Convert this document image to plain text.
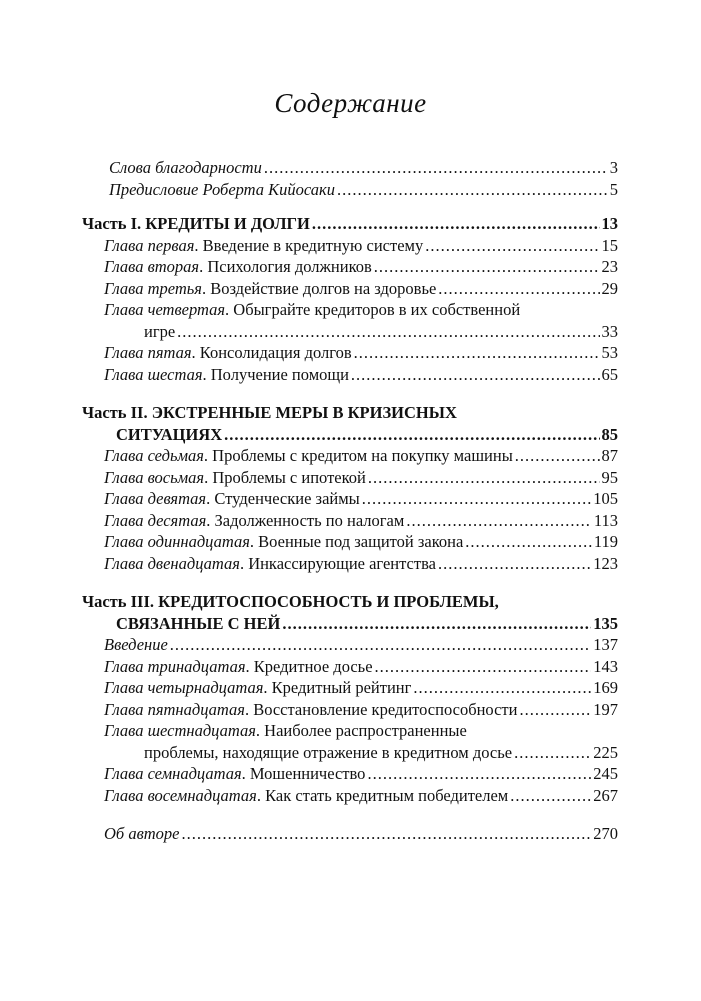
Содержание
Слова благодарности .....	3
Предисловие Роберта Кийосаки .....	5
Часть I. КРЕДИТЫ И ДОЛГИ .....	13
Глава первая . Введение в кредитную систему .....	15
Глава вторая . Психология должников .....	23
Глава третья . Воздействие долгов на здоровье .....	29
Глава четвертая . Обыграйте кредиторов в их собственной
игре .....	33
Глава пятая . Консолидация долгов .....	53
Глава шестая . Получение помощи .....	65
Часть II. ЭКСТРЕННЫЕ МЕРЫ В КРИЗИСНЫХ
СИТУАЦИЯХ .....	85
Глава седьмая . Проблемы с кредитом на покупку машины .....	87
Глава восьмая . Проблемы с ипотекой .....	95
Глава девятая . Студенческие займы .....	105
Глава десятая . Задолженность по налогам .....	113
Глава одиннадцатая . Военные под защитой закона .....	119
Глава двенадцатая . Инкассирующие агентства .....	123
Часть III. КРЕДИТОСПОСОБНОСТЬ И ПРОБЛЕМЫ,
СВЯЗАННЫЕ С НЕЙ .....	135
Введение .....	137
Глава тринадцатая . Кредитное досье .....	143
Глава четырнадцатая . Кредитный рейтинг .....	169
Глава пятнадцатая . Восстановление кредитоспособности .....	197
Глава шестнадцатая . Наиболее распространенные
проблемы, находящие отражение в кредитном досье .....	225
Глава семнадцатая . Мошенничество .....	245
Глава восемнадцатая . Как стать кредитным победителем .....	267
Об авторе .....	270
